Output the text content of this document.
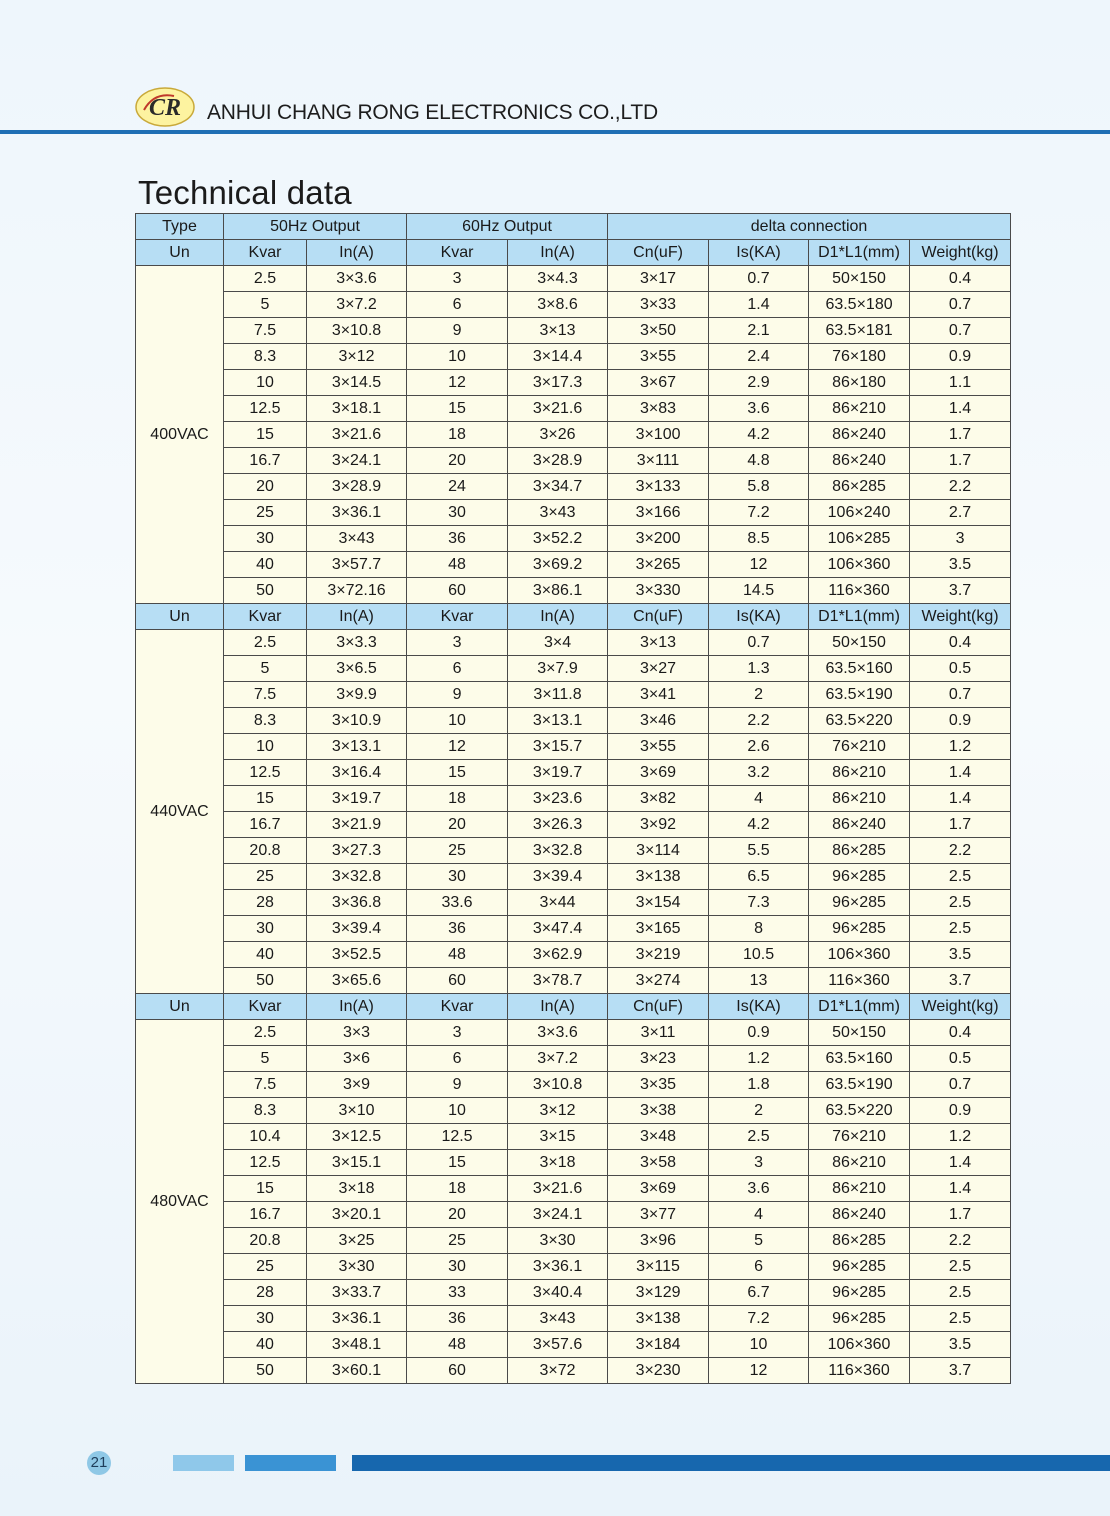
CR ANHUI CHANG RONG ELECTRONICS CO.,LTD
Technical data
Type	50Hz Output		60Hz Output		delta connection			
Un	Kvar	In(A)	Kvar	In(A)	Cn(uF)	Is(KA)	D1*L1(mm)	Weight(kg)
400VAC	2.5	3×3.6	3	3×4.3	3×17	0.7	50×150	0.4
	5	3×7.2	6	3×8.6	3×33	1.4	63.5×180	0.7
	7.5	3×10.8	9	3×13	3×50	2.1	63.5×181	0.7
	8.3	3×12	10	3×14.4	3×55	2.4	76×180	0.9
	10	3×14.5	12	3×17.3	3×67	2.9	86×180	1.1
	12.5	3×18.1	15	3×21.6	3×83	3.6	86×210	1.4
	15	3×21.6	18	3×26	3×100	4.2	86×240	1.7
	16.7	3×24.1	20	3×28.9	3×111	4.8	86×240	1.7
	20	3×28.9	24	3×34.7	3×133	5.8	86×285	2.2
	25	3×36.1	30	3×43	3×166	7.2	106×240	2.7
	30	3×43	36	3×52.2	3×200	8.5	106×285	3
	40	3×57.7	48	3×69.2	3×265	12	106×360	3.5
	50	3×72.16	60	3×86.1	3×330	14.5	116×360	3.7
Un	Kvar	In(A)	Kvar	In(A)	Cn(uF)	Is(KA)	D1*L1(mm)	Weight(kg)
440VAC	2.5	3×3.3	3	3×4	3×13	0.7	50×150	0.4
	5	3×6.5	6	3×7.9	3×27	1.3	63.5×160	0.5
	7.5	3×9.9	9	3×11.8	3×41	2	63.5×190	0.7
	8.3	3×10.9	10	3×13.1	3×46	2.2	63.5×220	0.9
	10	3×13.1	12	3×15.7	3×55	2.6	76×210	1.2
	12.5	3×16.4	15	3×19.7	3×69	3.2	86×210	1.4
	15	3×19.7	18	3×23.6	3×82	4	86×210	1.4
	16.7	3×21.9	20	3×26.3	3×92	4.2	86×240	1.7
	20.8	3×27.3	25	3×32.8	3×114	5.5	86×285	2.2
	25	3×32.8	30	3×39.4	3×138	6.5	96×285	2.5
	28	3×36.8	33.6	3×44	3×154	7.3	96×285	2.5
	30	3×39.4	36	3×47.4	3×165	8	96×285	2.5
	40	3×52.5	48	3×62.9	3×219	10.5	106×360	3.5
	50	3×65.6	60	3×78.7	3×274	13	116×360	3.7
Un	Kvar	In(A)	Kvar	In(A)	Cn(uF)	Is(KA)	D1*L1(mm)	Weight(kg)
480VAC	2.5	3×3	3	3×3.6	3×11	0.9	50×150	0.4
	5	3×6	6	3×7.2	3×23	1.2	63.5×160	0.5
	7.5	3×9	9	3×10.8	3×35	1.8	63.5×190	0.7
	8.3	3×10	10	3×12	3×38	2	63.5×220	0.9
	10.4	3×12.5	12.5	3×15	3×48	2.5	76×210	1.2
	12.5	3×15.1	15	3×18	3×58	3	86×210	1.4
	15	3×18	18	3×21.6	3×69	3.6	86×210	1.4
	16.7	3×20.1	20	3×24.1	3×77	4	86×240	1.7
	20.8	3×25	25	3×30	3×96	5	86×285	2.2
	25	3×30	30	3×36.1	3×115	6	96×285	2.5
	28	3×33.7	33	3×40.4	3×129	6.7	96×285	2.5
	30	3×36.1	36	3×43	3×138	7.2	96×285	2.5
	40	3×48.1	48	3×57.6	3×184	10	106×360	3.5
	50	3×60.1	60	3×72	3×230	12	116×360	3.7
21
